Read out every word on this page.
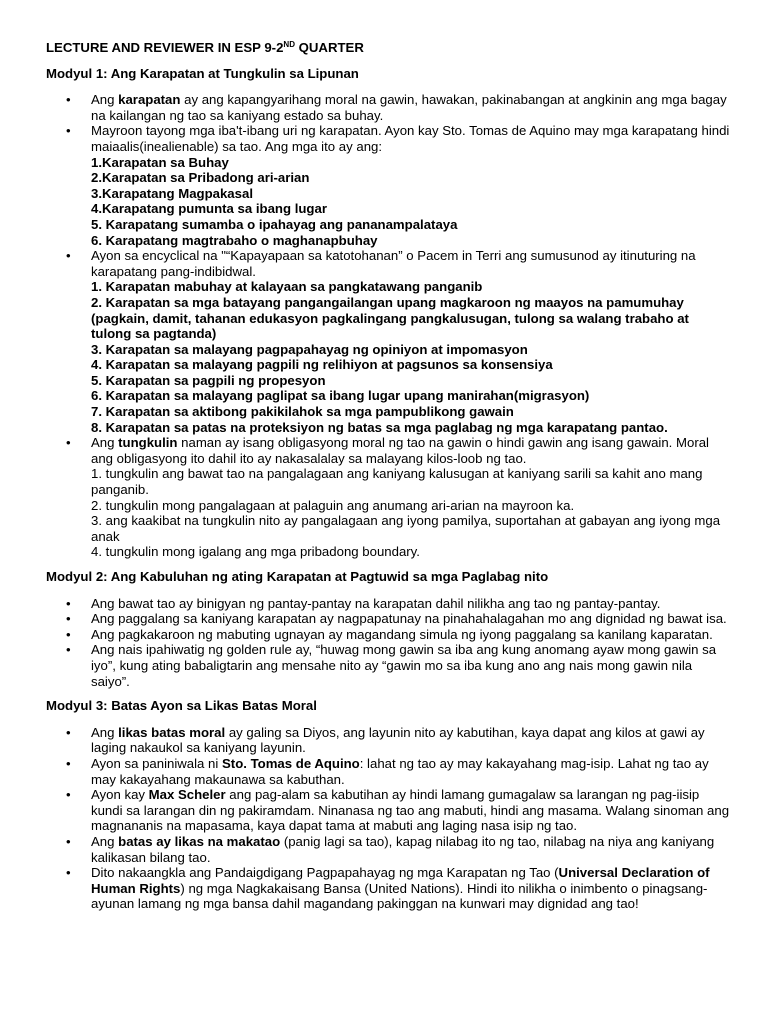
LECTURE AND REVIEWER IN ESP 9-2ND QUARTER
Modyul 1: Ang Karapatan at Tungkulin sa Lipunan
• Ang karapatan ay ang kapangyarihang moral na gawin, hawakan, pakinabangan at angkinin ang mga bagay na kailangan ng tao sa kaniyang estado sa buhay.
• Mayroon tayong mga iba't-ibang uri ng karapatan. Ayon kay Sto. Tomas de Aquino may mga karapatang hindi maiaalis(inealienable) sa tao. Ang mga ito ay ang:
1.Karapatan sa Buhay
2.Karapatan sa Pribadong ari-arian
3.Karapatang Magpakasal
4.Karapatang pumunta sa ibang lugar
5. Karapatang sumamba o ipahayag ang pananampalataya
6. Karapatang magtrabaho o maghanapbuhay
• Ayon sa encyclical na "“Kapayapaan sa katotohanan” o Pacem in Terri ang sumusunod ay itinuturing na karapatang pang-indibidwal.
1. Karapatan mabuhay at kalayaan sa pangkatawang panganib
2. Karapatan sa mga batayang pangangailangan upang magkaroon ng maayos na pamumuhay (pagkain, damit, tahanan edukasyon pagkalingang pangkalusugan, tulong sa walang trabaho at tulong sa pagtanda)
3. Karapatan sa malayang pagpapahayag ng opiniyon at impomasyon
4. Karapatan sa malayang pagpili ng relihiyon at pagsunos sa konsensiya
5. Karapatan sa pagpili ng propesyon
6. Karapatan sa malayang paglipat sa ibang lugar upang manirahan(migrasyon)
7. Karapatan sa aktibong pakikilahok sa mga pampublikong gawain
8. Karapatan sa patas na proteksiyon ng batas sa mga paglabag ng mga karapatang pantao.
• Ang tungkulin naman ay isang obligasyong moral ng tao na gawin o hindi gawin ang isang gawain. Moral ang obligasyong ito dahil ito ay nakasalalay sa malayang kilos-loob ng tao.
1. tungkulin ang bawat tao na pangalagaan ang kaniyang kalusugan at kaniyang sarili sa kahit ano mang panganib.
2. tungkulin mong pangalagaan at palaguin ang anumang ari-arian na mayroon ka.
3. ang kaakibat na tungkulin nito ay pangalagaan ang iyong pamilya, suportahan at gabayan ang iyong mga anak
4. tungkulin mong igalang ang mga pribadong boundary.
Modyul 2: Ang Kabuluhan ng ating Karapatan at Pagtuwid sa mga Paglabag nito
• Ang bawat tao ay binigyan ng pantay-pantay na karapatan dahil nilikha ang tao ng pantay-pantay.
• Ang paggalang sa kaniyang karapatan ay nagpapatunay na pinahahalagahan mo ang dignidad ng bawat isa.
• Ang pagkakaroon ng mabuting ugnayan ay magandang simula ng iyong paggalang sa kanilang kaparatan.
• Ang nais ipahiwatig ng golden rule ay, “huwag mong gawin sa iba ang kung anomang ayaw mong gawin sa iyo”, kung ating babaligtarin ang mensahe nito ay “gawin mo sa iba kung ano ang nais mong gawin nila saiyo”.
Modyul 3: Batas Ayon sa Likas Batas Moral
• Ang likas batas moral ay galing sa Diyos, ang layunin nito ay kabutihan, kaya dapat ang kilos at gawi ay laging nakaukol sa kaniyang layunin.
• Ayon sa paniniwala ni Sto. Tomas de Aquino: lahat ng tao ay may kakayahang mag-isip. Lahat ng tao ay may kakayahang makaunawa sa kabuthan.
• Ayon kay Max Scheler ang pag-alam sa kabutihan ay hindi lamang gumagalaw sa larangan ng pag-iisip kundi sa larangan din ng pakiramdam. Ninanasa ng tao ang mabuti, hindi ang masama. Walang sinoman ang magnananis na mapasama, kaya dapat tama at mabuti ang laging nasa isip ng tao.
• Ang batas ay likas na makatao (panig lagi sa tao), kapag nilabag ito ng tao, nilabag na niya ang kaniyang kalikasan bilang tao.
• Dito nakaangkla ang Pandaigdigang Pagpapahayag ng mga Karapatan ng Tao (Universal Declaration of Human Rights) ng mga Nagkakaisang Bansa (United Nations). Hindi ito nilikha o inimbento o pinagsang-ayunan lamang ng mga bansa dahil magandang pakinggan na kunwari may dignidad ang tao!
